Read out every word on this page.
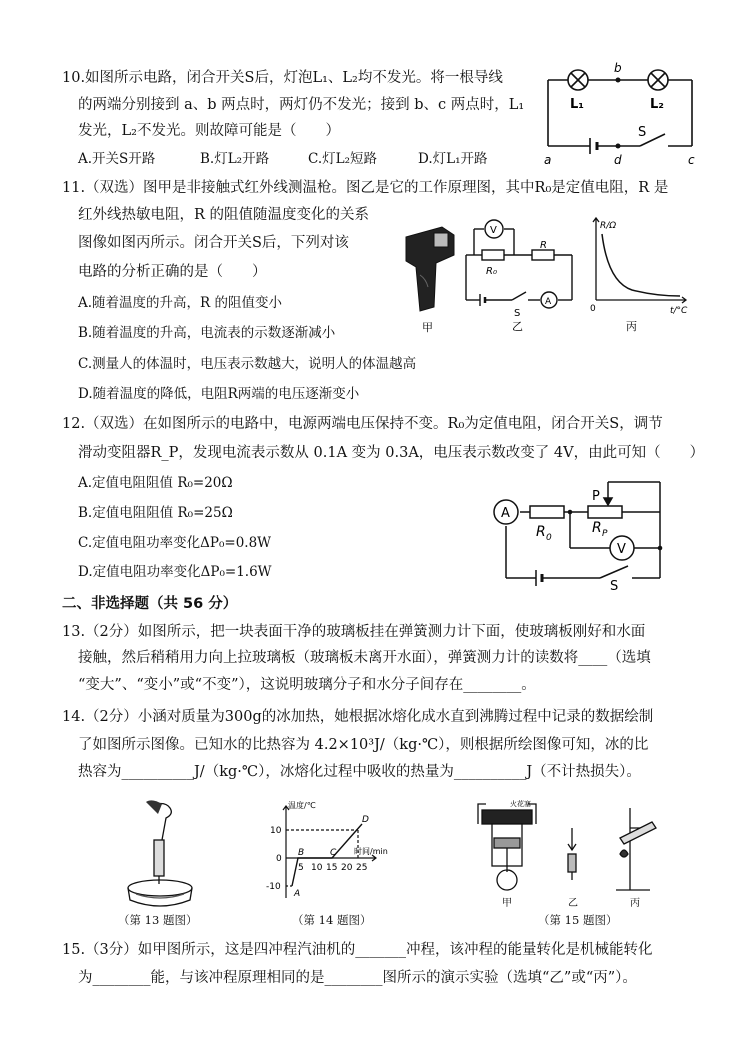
10.如图所示电路，闭合开关S后，灯泡L₁、L₂均不发光。将一根导线
的两端分别接到 a、b 两点时，两灯仍不发光；接到 b、c 两点时，L₁
发光，L₂不发光。则故障可能是（　　）
A.开关S开路	B.灯L₂开路	C.灯L₂短路	D.灯L₁开路
b
L₁	L₂
a	d	c
S
11.（双选）图甲是非接触式红外线测温枪。图乙是它的工作原理图，其中R₀是定值电阻，R 是
红外线热敏电阻，R 的阻值随温度变化的关系
图像如图丙所示。闭合开关S后，下列对该
电路的分析正确的是（　　）
A.随着温度的升高，R 的阻值变小
B.随着温度的升高，电流表的示数逐渐减小
C.测量人的体温时，电压表示数越大，说明人的体温越高
D.随着温度的降低，电阻R两端的电压逐渐变小
甲
V
A
R₀
R
S
乙
R/Ω
t/°C
0
丙
12.（双选）在如图所示的电路中，电源两端电压保持不变。R₀为定值电阻，闭合开关S，调节
滑动变阻器R_P，发现电流表示数从 0.1A 变为 0.3A，电压表示数改变了 4V，由此可知（　　）
A.定值电阻阻值 R₀=20Ω
B.定值电阻阻值 R₀=25Ω
C.定值电阻功率变化ΔP₀=0.8W
D.定值电阻功率变化ΔP₀=1.6W
A
V
P
R 0
R P
S
二、非选择题（共 56 分）
13.（2分）如图所示，把一块表面干净的玻璃板挂在弹簧测力计下面，使玻璃板刚好和水面
接触，然后稍稍用力向上拉玻璃板（玻璃板未离开水面），弹簧测力计的读数将____（选填
“变大”、“变小”或“不变”），这说明玻璃分子和水分子间存在________。
14.（2分）小涵对质量为300g的冰加热，她根据冰熔化成水直到沸腾过程中记录的数据绘制
了如图所示图像。已知水的比热容为 4.2×10³J/（kg·℃），则根据所绘图像可知，冰的比
热容为__________J/（kg·℃），冰熔化过程中吸收的热量为__________J（不计热损失）。
（第 13 题图）
温度/℃
时间/min
10
0
-10
5 10 15 20 25
A
B	C
D
（第 14 题图）
火花塞
甲	乙	丙
（第 15 题图）
15.（3分）如甲图所示，这是四冲程汽油机的_______冲程，该冲程的能量转化是机械能转化
为________能，与该冲程原理相同的是________图所示的演示实验（选填“乙”或“丙”）。
